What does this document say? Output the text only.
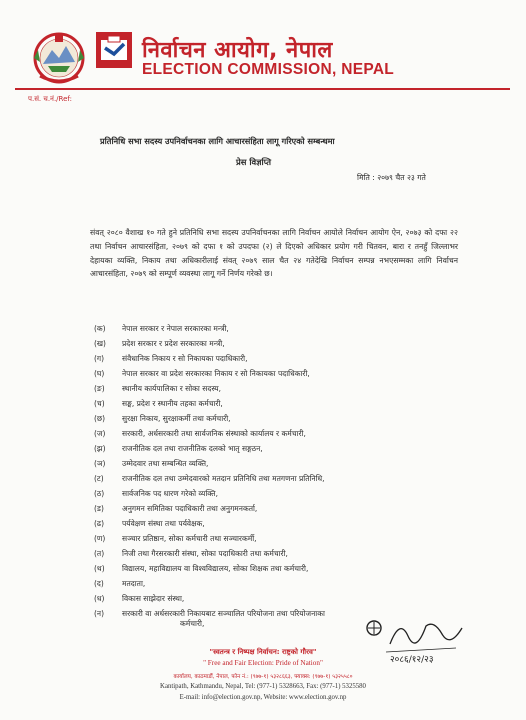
निर्वाचन आयोग, नेपाल
ELECTION COMMISSION, NEPAL
प.सं. च.नं./Ref:
प्रतिनिधि सभा सदस्य उपनिर्वाचनका लागि आचारसंहिता लागू गरिएको सम्बन्धमा
प्रेस विज्ञप्ति
मिति : २०७९ चैत २३ गते
संवत् २०८० वैशाख १० गते हुने प्रतिनिधि सभा सदस्य उपनिर्वाचनका लागि निर्वाचन आयोले निर्वाचन आयोग ऐन, २०७३ को दफा २२ तथा निर्वाचन आचारसंहिता, २०७९ को दफा १ को उपदफा (२) ले दिएको अधिकार प्रयोग गरी चितवन, बारा र तनहुँ जिल्लाभर देहायका व्यक्ति, निकाय तथा अधिकारीलाई संवत् २०७९ साल चैत २४ गतेदेखि निर्वाचन सम्पन्न नभएसम्मका लागि निर्वाचन आचारसंहिता, २०७९ को सम्पूर्ण व्यवस्था लागू गर्ने निर्णय गरेको छ।
(क) नेपाल सरकार र नेपाल सरकारका मन्त्री,
(ख) प्रदेश सरकार र प्रदेश सरकारका मन्त्री,
(ग) संवैधानिक निकाय र सो निकायका पदाधिकारी,
(घ) नेपाल सरकार वा प्रदेश सरकारका निकाय र सो निकायका पदाधिकारी,
(ङ) स्थानीय कार्यपालिका र सोका सदस्य,
(च) सङ्घ, प्रदेश र स्थानीय तहका कर्मचारी,
(छ) सुरक्षा निकाय, सुरक्षाकर्मी तथा कर्मचारी,
(ज) सरकारी, अर्धसरकारी तथा सार्वजनिक संस्थाको कार्यालय र कर्मचारी,
(झ) राजनीतिक दल तथा राजनीतिक दलको भातृ सङ्गठन,
(ञ) उम्मेदवार तथा सम्बन्धित व्यक्ति,
(ट) राजनीतिक दल तथा उम्मेदवारको मतदान प्रतिनिधि तथा मतगणना प्रतिनिधि,
(ठ) सार्वजनिक पद धारण गरेको व्यक्ति,
(ड) अनुगमन समितिका पदाधिकारी तथा अनुगमनकर्ता,
(ढ) पर्यवेक्षण संस्था तथा पर्यवेक्षक,
(ण) सञ्चार प्रतिष्ठान, सोका कर्मचारी तथा सञ्चारकर्मी,
(त) निजी तथा गैरसरकारी संस्था, सोका पदाधिकारी तथा कर्मचारी,
(थ) विद्यालय, महाविद्यालय वा विश्वविद्यालय, सोका शिक्षक तथा कर्मचारी,
(द) मतदाता,
(ध) विकास साझेदार संस्था,
(न) सरकारी वा अर्धसरकारी निकायबाट सञ्चालित परियोजना तथा परियोजनाका
कर्मचारी,
२०८६/१२/२३
"स्वतन्त्र र निष्पक्ष निर्वाचन: राष्ट्रको गौरव"
" Free and Fair Election: Pride of Nation"
कार्यालय, काठमाडौं, नेपाल, फोन नं.: (९७७-१) ५३२८६६३, फ्याक्स: (९७७-१) ५३२५५८०
Kantipath, Kathmandu, Nepal, Tel: (977-1) 5328663, Fax: (977-1) 5325580
E-mail: info@election.gov.np, Website: www.election.gov.np
